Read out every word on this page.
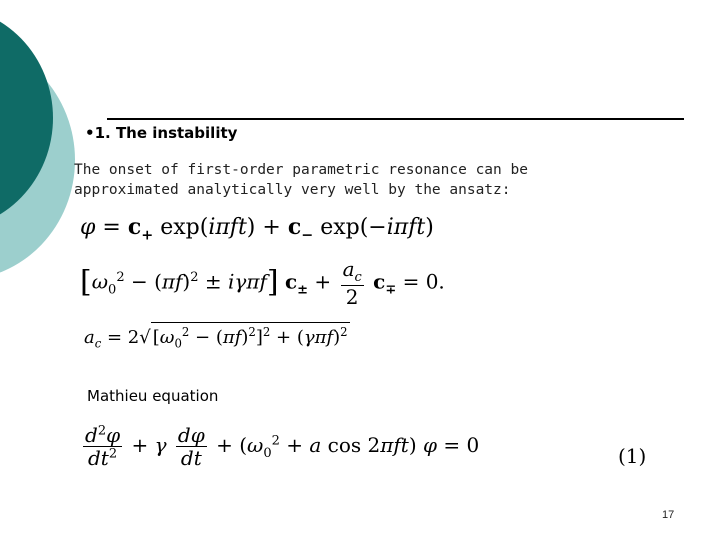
•1. The instability
The onset of first-order parametric resonance can be approximated analytically very well by the ansatz:
$\varphi = c_+$ $\exp(i\pi ft) + c_-$ exp(−iπft)
$[\omega_0^2 - (\pi f)^2 \pm i\gamma\pi f] c_\pm + \frac{a_c}{2} c_\mp = 0$.
$a_c = 2√$ $[\omega_0^2 - (\pi f)^2]^2 + (\gamma\pi f)^2$
Mathieu equation
$\frac{d^2\varphi}{dt^2} + \gamma \frac{d\varphi}{dt} + (\omega_0^2 + a$ cos 2πft) φ = 0	(1)
17
